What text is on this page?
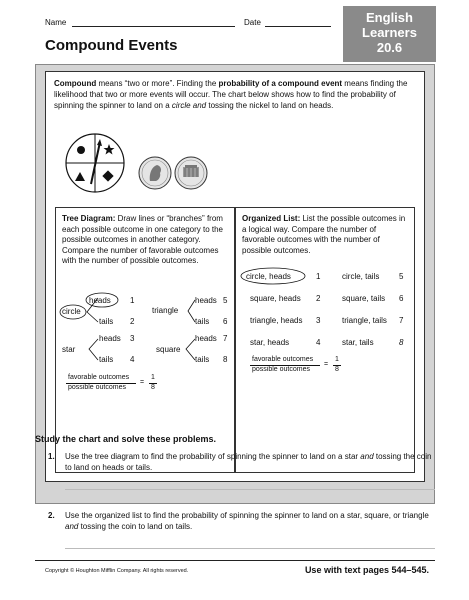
Name	Date	English
Learners
20.6
Compound Events
Compound means “two or more”. Finding the probability of a compound event means finding the likelihood that two or more events will occur. The chart below shows how to find the probability of spinning the spinner to land on a circle and tossing the nickel to land on heads.
Tree Diagram: Draw lines or “branches” from each possible outcome in one category to the possible outcomes in another category. Compare the number of favorable outcomes with the number of possible outcomes.
circle
heads 1
tails 2
triangle
heads 5
tails 6
star
heads 3
tails 4
square
heads 7
tails 8
favorable outcomes
possible outcomes
=
1
8
Organized List: List the possible outcomes in a logical way. Compare the number of favorable outcomes with the number of possible outcomes.
circle, heads	1	circle, tails 5
square, heads 2	square, tails 6
triangle, heads 3	triangle, tails 7
star, heads	4	star, tails	8
favorable outcomes
possible outcomes
=
1
8
Study the chart and solve these problems.
1. Use the tree diagram to find the probability of spinning the spinner to land on a star and tossing the coin to land on heads or tails.
2. Use the organized list to find the probability of spinning the spinner to land on a star, square, or triangle and tossing the coin to land on tails.
Copyright © Houghton Mifflin Company. All rights reserved.	Use with text pages 544–545.
